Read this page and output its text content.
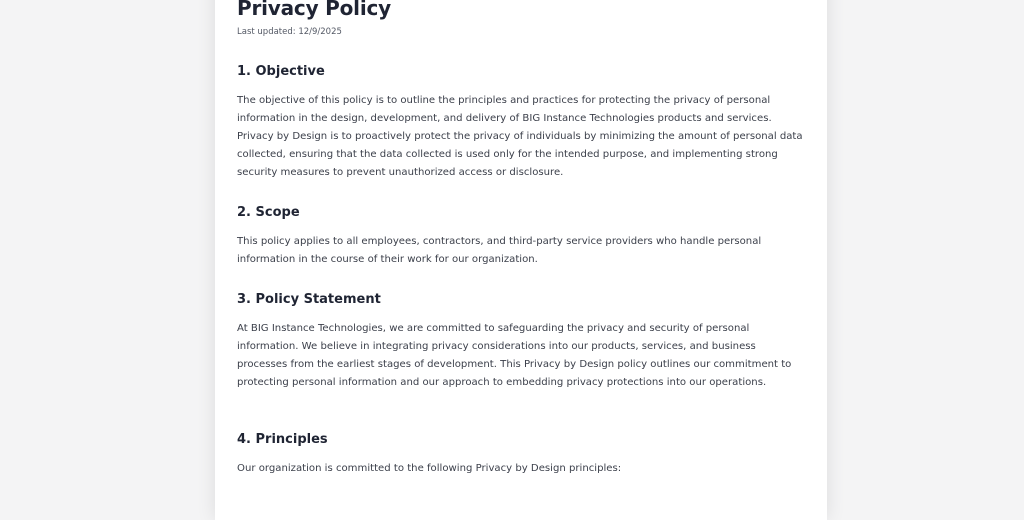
Privacy Policy
Last updated: 12/9/2025
1. Objective

The objective of this policy is to outline the principles and practices for protecting the privacy of personal information in the design, development, and delivery of BIG Instance Technologies products and services. Privacy by Design is to proactively protect the privacy of individuals by minimizing the amount of personal data collected, ensuring that the data collected is used only for the intended purpose, and implementing strong security measures to prevent unauthorized access or disclosure.

2. Scope

This policy applies to all employees, contractors, and third-party service providers who handle personal information in the course of their work for our organization.

3. Policy Statement

At BIG Instance Technologies, we are committed to safeguarding the privacy and security of personal information. We believe in integrating privacy considerations into our products, services, and business processes from the earliest stages of development. This Privacy by Design policy outlines our commitment to protecting personal information and our approach to embedding privacy protections into our operations.

4. Principles

Our organization is committed to the following Privacy by Design principles:
